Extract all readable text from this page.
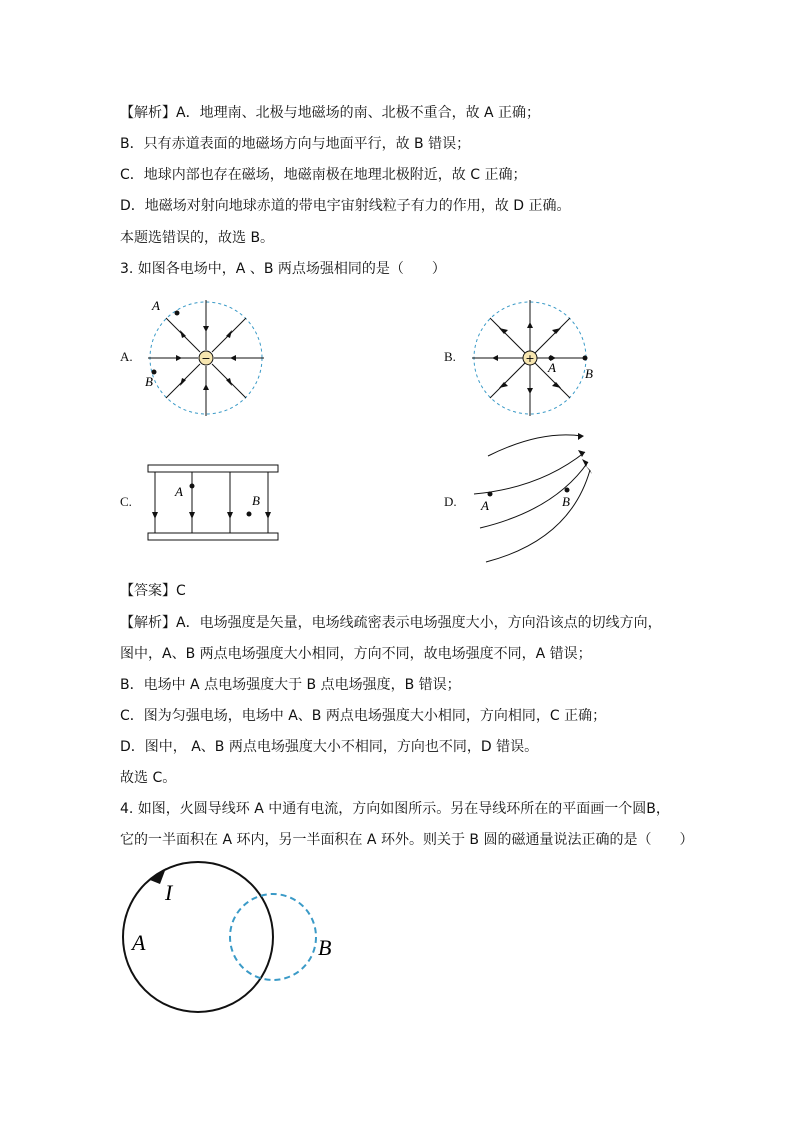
【解析】A．地理南、北极与地磁场的南、北极不重合，故 A 正确；
B．只有赤道表面的地磁场方向与地面平行，故 B 错误；
C．地球内部也存在磁场，地磁南极在地理北极附近，故 C 正确；
D．地磁场对射向地球赤道的带电宇宙射线粒子有力的作用，故 D 正确。
本题选错误的，故选 B。
3. 如图各电场中，A 、B 两点场强相同的是（　　）
A.	B.
C.	D.
−
A
B
+
A B
A
B	A	B
【答案】C
【解析】A．电场强度是矢量，电场线疏密表示电场强度大小，方向沿该点的切线方向，
图中，A、B 两点电场强度大小相同，方向不同，故电场强度不同，A 错误；
B．电场中 A 点电场强度大于 B 点电场强度，B 错误；
C．图为匀强电场，电场中 A、B 两点电场强度大小相同，方向相同，C 正确；
D．图中， A、B 两点电场强度大小不相同，方向也不同，D 错误。
故选 C。
4. 如图，火圆导线环 A 中通有电流，方向如图所示。另在导线环所在的平面画一个圆B，
它的一半面积在 A 环内，另一半面积在 A 环外。则关于 B 圆的磁通量说法正确的是（　　）
I
A	B
